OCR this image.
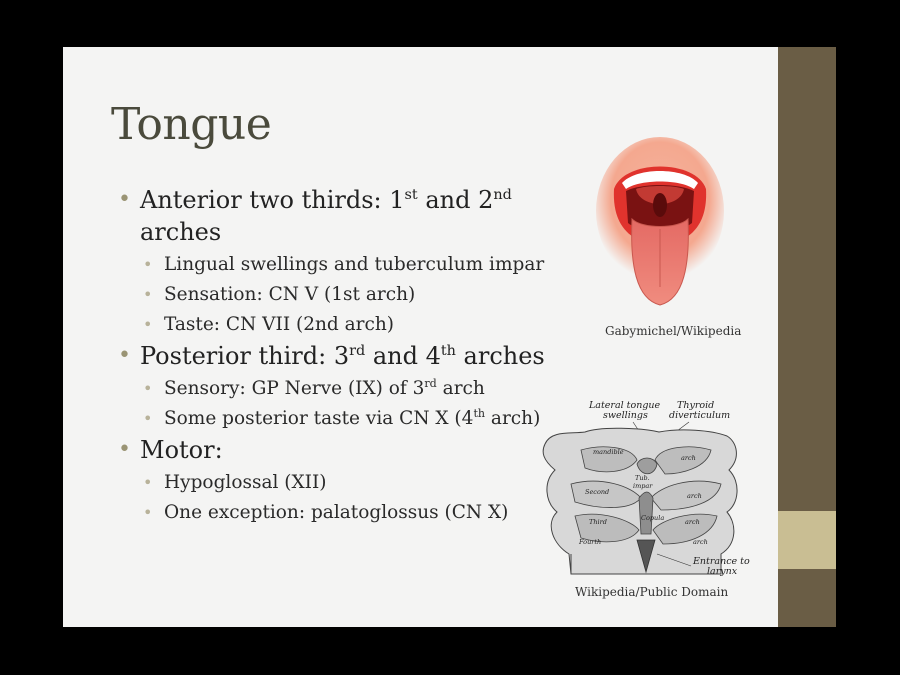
Tongue
• Anterior two thirds: 1st and 2nd arches
• Lingual swellings and tuberculum impar
• Sensation: CN V (1st arch)
• Taste: CN VII (2nd arch)
• Posterior third: 3rd and 4th arches
• Sensory: GP Nerve (IX) of 3rd arch
• Some posterior taste via CN X (4th arch)
• Motor:
• Hypoglossal (XII)
• One exception: palatoglossus (CN X)
Gabymichel/Wikipedia
Lateral tongue
swellings
Thyroid
diverticulum
mandible
arch
Tub.
impar
Second	arch
Third	Copula	arch
Fourth	arch
Entrance to
larynx
Wikipedia/Public Domain
